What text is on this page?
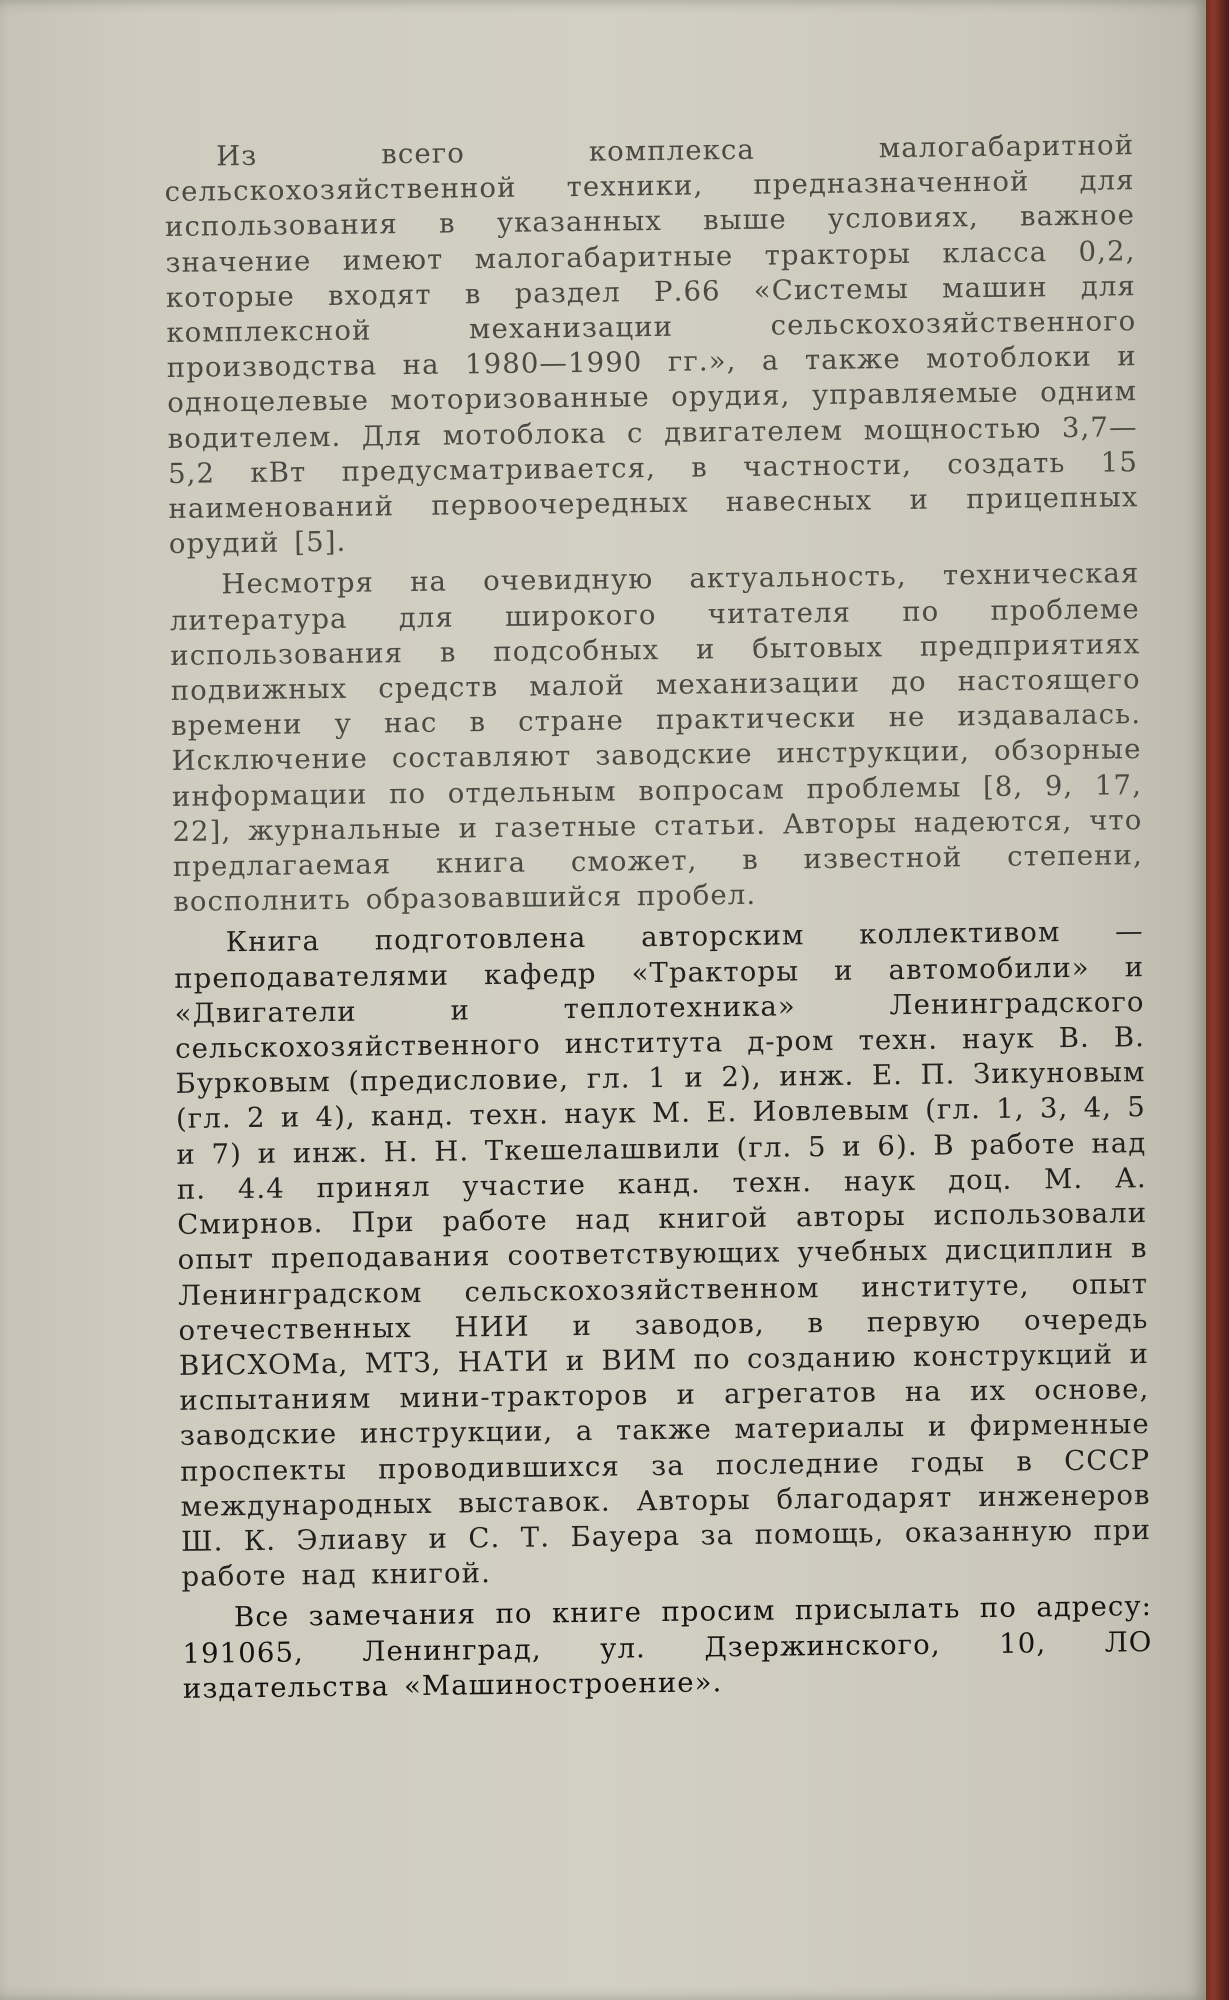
Из всего комплекса малогабаритной сельскохозяйственной техники, предназначенной для использования в указанных выше условиях, важное значение имеют малогабаритные тракторы класса 0,2, которые входят в раздел Р.66 «Системы машин для комплексной механизации сельскохозяйственного производства на 1980—1990 гг.», а также мотоблоки и одноцелевые моторизованные орудия, управляемые одним водителем. Для мотоблока с двигателем мощностью 3,7—5,2 кВт предусматривается, в частности, создать 15 наименований первоочередных навесных и прицепных орудий [5].

Несмотря на очевидную актуальность, техническая литература для широкого читателя по проблеме использования в подсобных и бытовых предприятиях подвижных средств малой механизации до настоящего времени у нас в стране практически не издавалась. Исключение составляют заводские инструкции, обзорные информации по отдельным вопросам проблемы [8, 9, 17, 22], журнальные и газетные статьи. Авторы надеются, что предлагаемая книга сможет, в известной степени, восполнить образовавшийся пробел.

Книга подготовлена авторским коллективом — преподавателями кафедр «Тракторы и автомобили» и «Двигатели и теплотехника» Ленинградского сельскохозяйственного института д-ром техн. наук В. В. Бурковым (предисловие, гл. 1 и 2), инж. Е. П. Зикуновым (гл. 2 и 4), канд. техн. наук М. Е. Иовлевым (гл. 1, 3, 4, 5 и 7) и инж. Н. Н. Ткешелашвили (гл. 5 и 6). В работе над п. 4.4 принял участие канд. техн. наук доц. М. А. Смирнов. При работе над книгой авторы использовали опыт преподавания соответствующих учебных дисциплин в Ленинградском сельскохозяйственном институте, опыт отечественных НИИ и заводов, в первую очередь ВИСХОМа, МТЗ, НАТИ и ВИМ по созданию конструкций и испытаниям мини-тракторов и агрегатов на их основе, заводские инструкции, а также материалы и фирменные проспекты проводившихся за последние годы в СССР международных выставок. Авторы благодарят инженеров Ш. К. Элиаву и С. Т. Бауера за помощь, оказанную при работе над книгой.

Все замечания по книге просим присылать по адресу: 191065, Ленинград, ул. Дзержинского, 10, ЛО издательства «Машиностроение».
